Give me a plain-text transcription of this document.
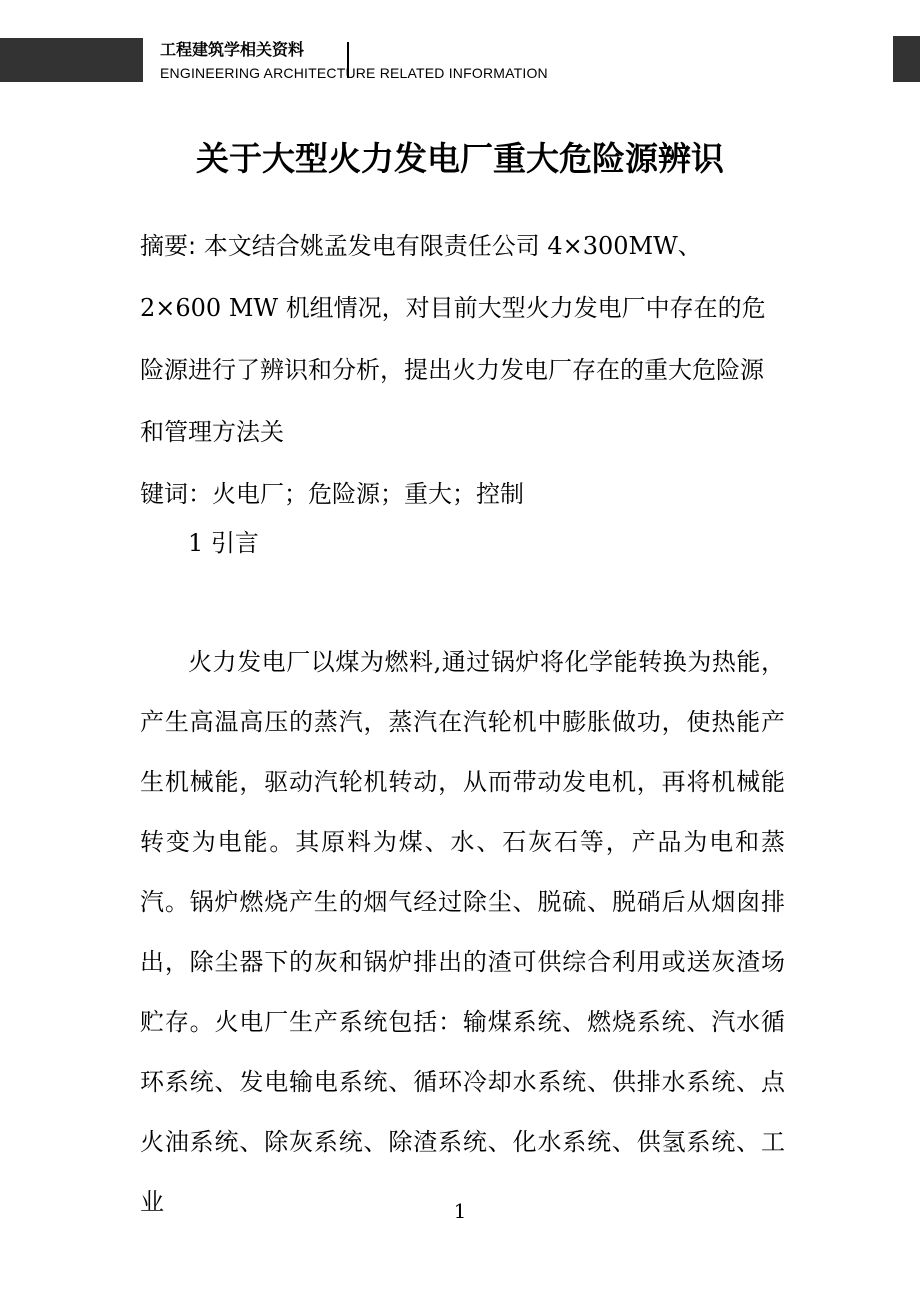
工程建筑学相关资料
ENGINEERING ARCHITECTURE RELATED INFORMATION
关于大型火力发电厂重大危险源辨识

摘要: 本文结合姚孟发电有限责任公司 4×300MW、2×600 MW 机组情况，对目前大型火力发电厂中存在的危险源进行了辨识和分析，提出火力发电厂存在的重大危险源和管理方法关

键词：火电厂；危险源；重大；控制

1 引言

火力发电厂以煤为燃料,通过锅炉将化学能转换为热能，产生高温高压的蒸汽，蒸汽在汽轮机中膨胀做功，使热能产生机械能，驱动汽轮机转动，从而带动发电机，再将机械能转变为电能。其原料为煤、水、石灰石等，产品为电和蒸汽。锅炉燃烧产生的烟气经过除尘、脱硫、脱硝后从烟囱排出，除尘器下的灰和锅炉排出的渣可供综合利用或送灰渣场贮存。火电厂生产系统包括：输煤系统、燃烧系统、汽水循环系统、发电输电系统、循环冷却水系统、供排水系统、点火油系统、除灰系统、除渣系统、化水系统、供氢系统、工业	1
